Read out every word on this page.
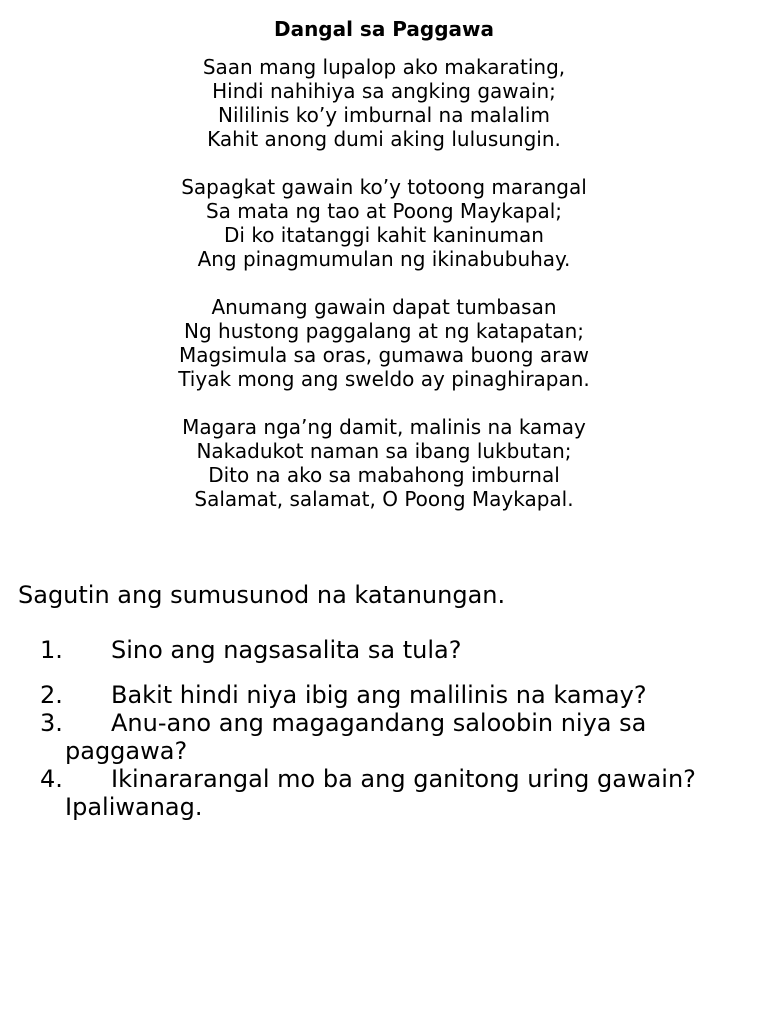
Dangal sa Paggawa
Saan mang lupalop ako makarating,
Hindi nahihiya sa angking gawain;
Nililinis ko’y imburnal na malalim
Kahit anong dumi aking lulusungin.
Sapagkat gawain ko’y totoong marangal
Sa mata ng tao at Poong Maykapal;
Di ko itatanggi kahit kaninuman
Ang pinagmumulan ng ikinabubuhay.
Anumang gawain dapat tumbasan
Ng hustong paggalang at ng katapatan;
Magsimula sa oras, gumawa buong araw
Tiyak mong ang sweldo ay pinaghirapan.
Magara nga’ng damit, malinis na kamay
Nakadukot naman sa ibang lukbutan;
Dito na ako sa mabahong imburnal
Salamat, salamat, O Poong Maykapal.
Sagutin ang sumusunod na katanungan.
1.	Sino ang nagsasalita sa tula?
2.	Bakit hindi niya ibig ang malilinis na kamay?
3.	Anu-ano ang magagandang saloobin niya sa
paggawa?
4.	Ikinararangal mo ba ang ganitong uring gawain?
Ipaliwanag.
